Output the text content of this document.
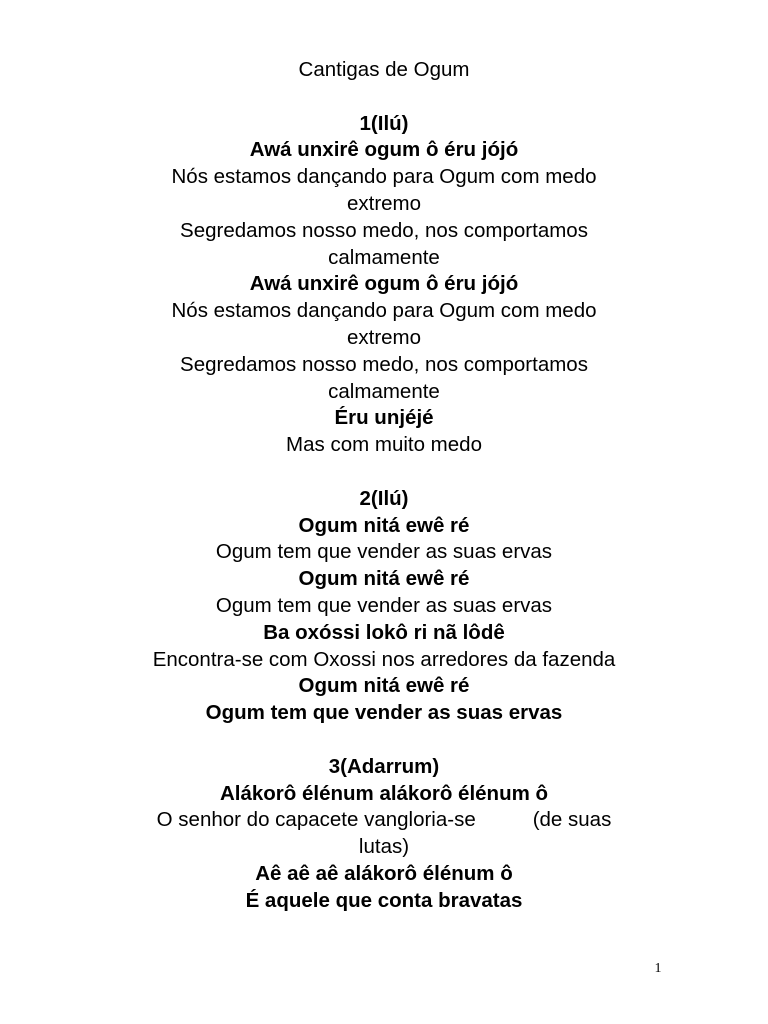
Cantigas de Ogum
1(Ilú)
Awá unxirê ogum ô éru jójó
Nós estamos dançando para Ogum com medo
extremo
Segredamos nosso medo, nos comportamos
calmamente
Awá unxirê ogum ô éru jójó
Nós estamos dançando para Ogum com medo
extremo
Segredamos nosso medo, nos comportamos
calmamente
Éru unjéjé
Mas com muito medo
2(Ilú)
Ogum nitá ewê ré
Ogum tem que vender as suas ervas
Ogum nitá ewê ré
Ogum tem que vender as suas ervas
Ba oxóssi lokô ri nã lôdê
Encontra-se com Oxossi nos arredores da fazenda
Ogum nitá ewê ré
Ogum tem que vender as suas ervas
3(Adarrum)
Alákorô élénum alákorô élénum ô
O senhor do capacete vangloria-se          (de suas
lutas)
Aê aê aê alákorô élénum ô
É aquele que conta bravatas
1
